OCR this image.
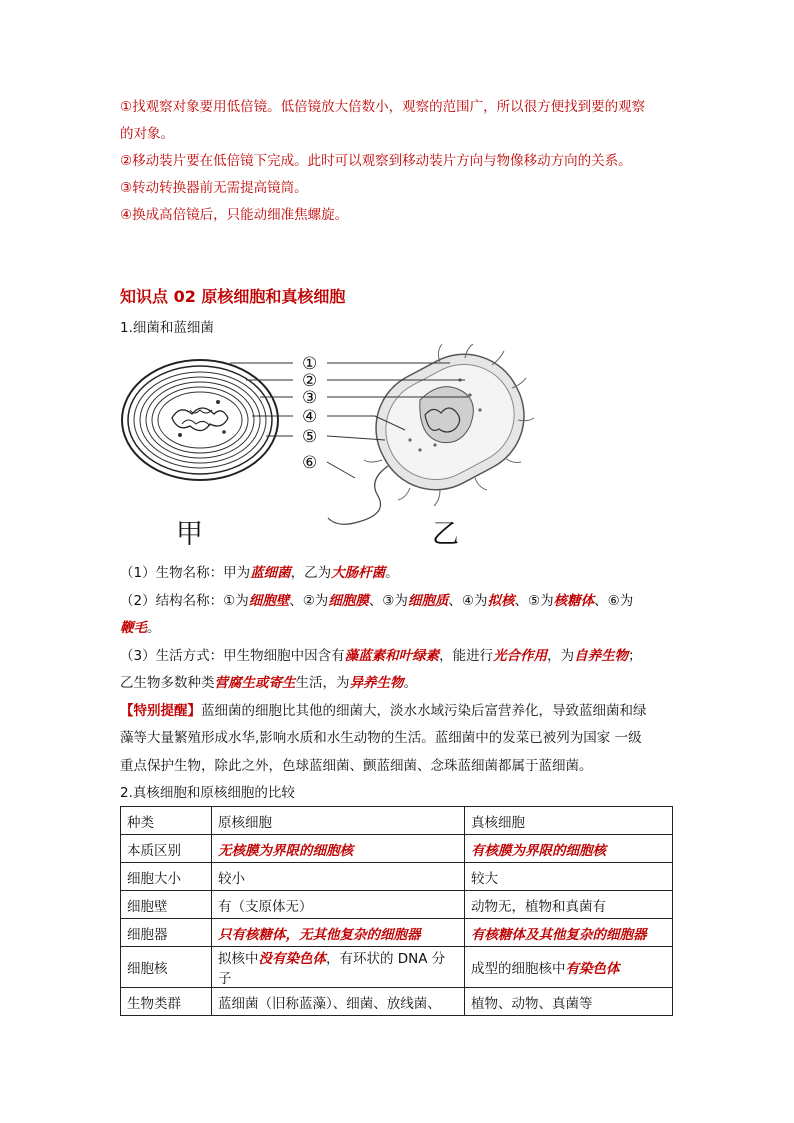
①找观察对象要用低倍镜。低倍镜放大倍数小，观察的范围广，所以很方便找到要的观察

的对象。

②移动装片要在低倍镜下完成。此时可以观察到移动装片方向与物像移动方向的关系。

③转动转换器前无需提高镜筒。

④换成高倍镜后，只能动细准焦螺旋。

知识点 02 原核细胞和真核细胞
1.细菌和蓝细菌
①
②
③
④
⑤
⑥
甲	乙

（1）生物名称：甲为蓝细菌，乙为大肠杆菌。

（2）结构名称：①为细胞壁、②为细胞膜、③为细胞质、④为拟核、⑤为核糖体、⑥为

鞭毛。

（3）生活方式：甲生物细胞中因含有藻蓝素和叶绿素，能进行光合作用，为自养生物；

乙生物多数种类营腐生或寄生生活，为异养生物。

【特别提醒】蓝细菌的细胞比其他的细菌大，淡水水域污染后富营养化，导致蓝细菌和绿

藻等大量繁殖形成水华,影响水质和水生动物的生活。蓝细菌中的发菜已被列为国家 一级

重点保护生物，除此之外，色球蓝细菌、颤蓝细菌、念珠蓝细菌都属于蓝细菌。

2.真核细胞和原核细胞的比较
种类	原核细胞	真核细胞
本质区别	无核膜为界限的细胞核	有核膜为界限的细胞核
细胞大小	较小	较大
细胞壁	有（支原体无）	动物无，植物和真菌有
细胞器	只有核糖体，无其他复杂的细胞器	有核糖体及其他复杂的细胞器
细胞核	拟核中没有染色体，有环状的 DNA 分子	成型的细胞核中有染色体
生物类群	蓝细菌（旧称蓝藻）、细菌、放线菌、	植物、动物、真菌等
